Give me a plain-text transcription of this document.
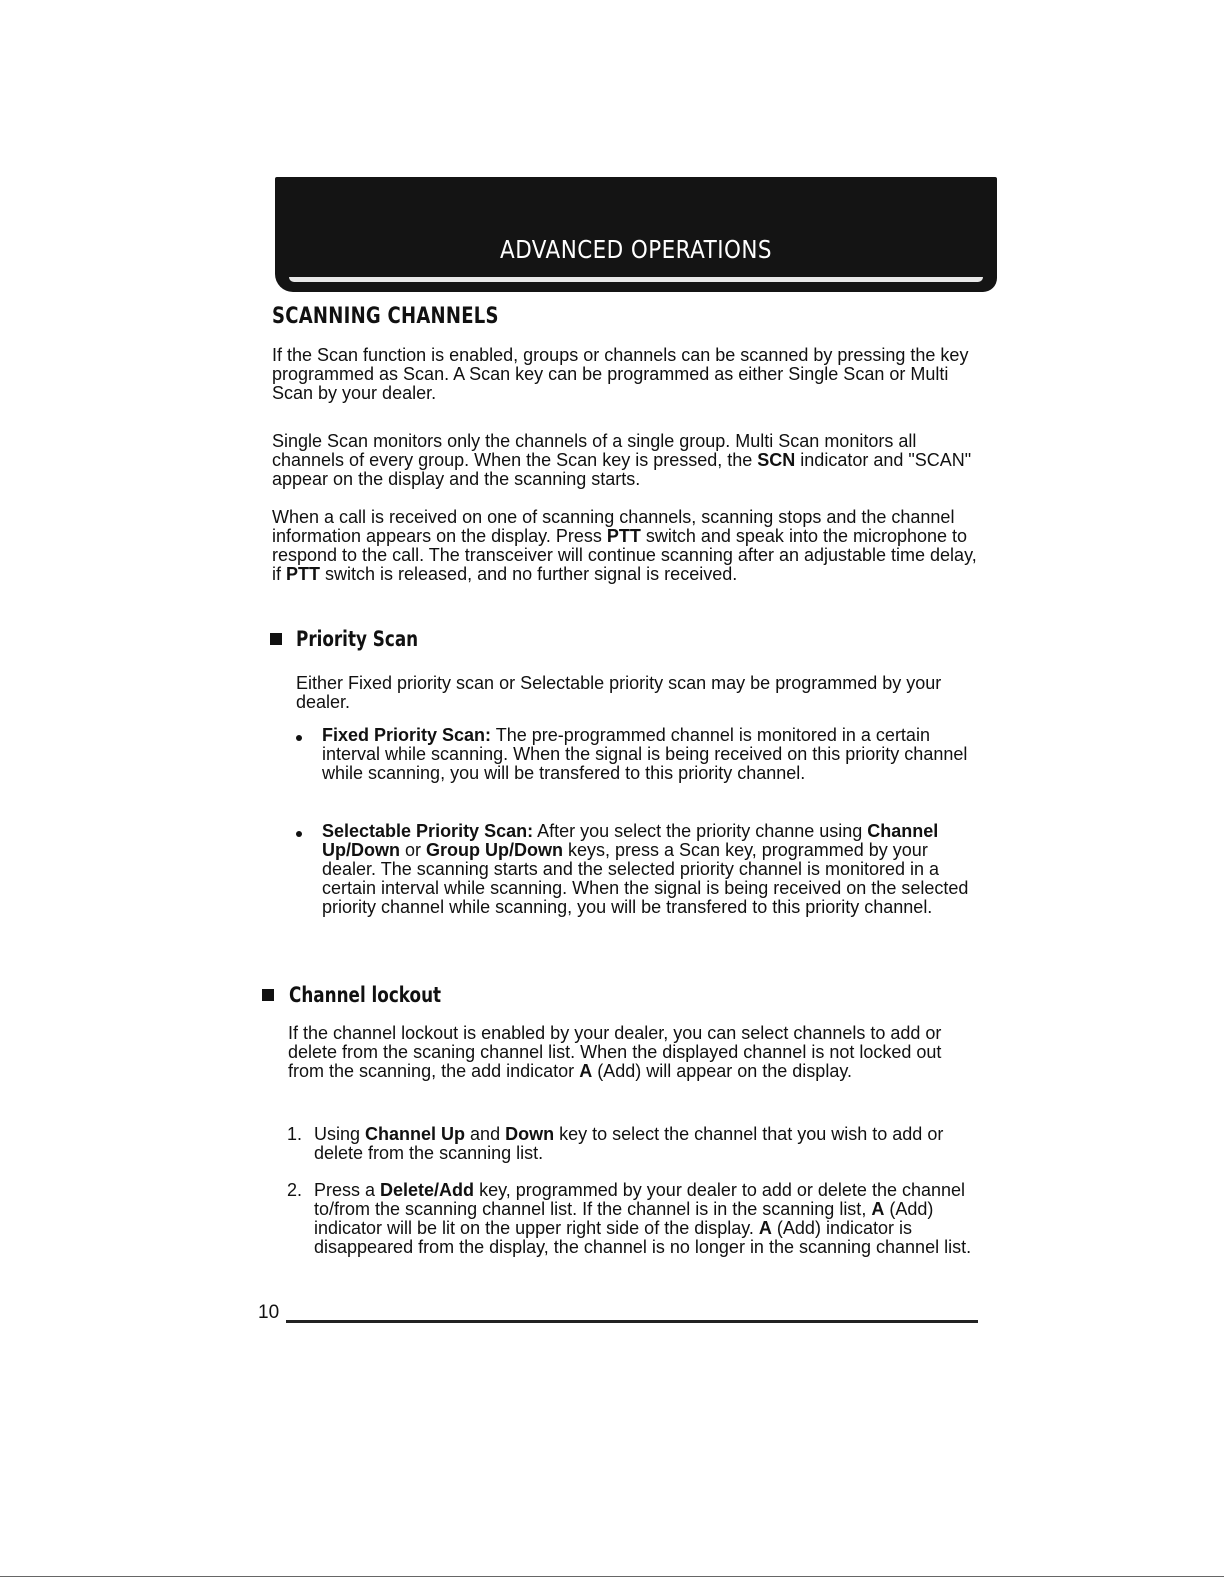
ADVANCED OPERATIONS
SCANNING CHANNELS

If the Scan function is enabled, groups or channels can be scanned by pressing the key programmed as Scan. A Scan key can be programmed as either Single Scan or Multi Scan by your dealer.

Single Scan monitors only the channels of a single group. Multi Scan monitors all channels of every group. When the Scan key is pressed, the SCN indicator and "SCAN" appear on the display and the scanning starts.

When a call is received on one of scanning channels, scanning stops and the channel information appears on the display. Press PTT switch and speak into the microphone to respond to the call. The transceiver will continue scanning after an adjustable time delay, if PTT switch is released, and no further signal is received.

Priority Scan

Either Fixed priority scan or Selectable priority scan may be programmed by your dealer.

Fixed Priority Scan: The pre-programmed channel is monitored in a certain interval while scanning. When the signal is being received on this priority channel while scanning, you will be transfered to this priority channel.

Selectable Priority Scan: After you select the priority channe using Channel Up/Down or Group Up/Down keys, press a Scan key, programmed by your dealer. The scanning starts and the selected priority channel is monitored in a certain interval while scanning. When the signal is being received on the selected priority channel while scanning, you will be transfered to this priority channel.

Channel lockout

If the channel lockout is enabled by your dealer, you can select channels to add or delete from the scaning channel list. When the displayed channel is not locked out from the scanning, the add indicator A (Add) will appear on the display.

1. Using Channel Up and Down key to select the channel that you wish to add or delete from the scanning list.

2. Press a Delete/Add key, programmed by your dealer to add or delete the channel to/from the scanning channel list. If the channel is in the scanning list, A (Add) indicator will be lit on the upper right side of the display. A (Add) indicator is disappeared from the display, the channel is no longer in the scanning channel list.

10
